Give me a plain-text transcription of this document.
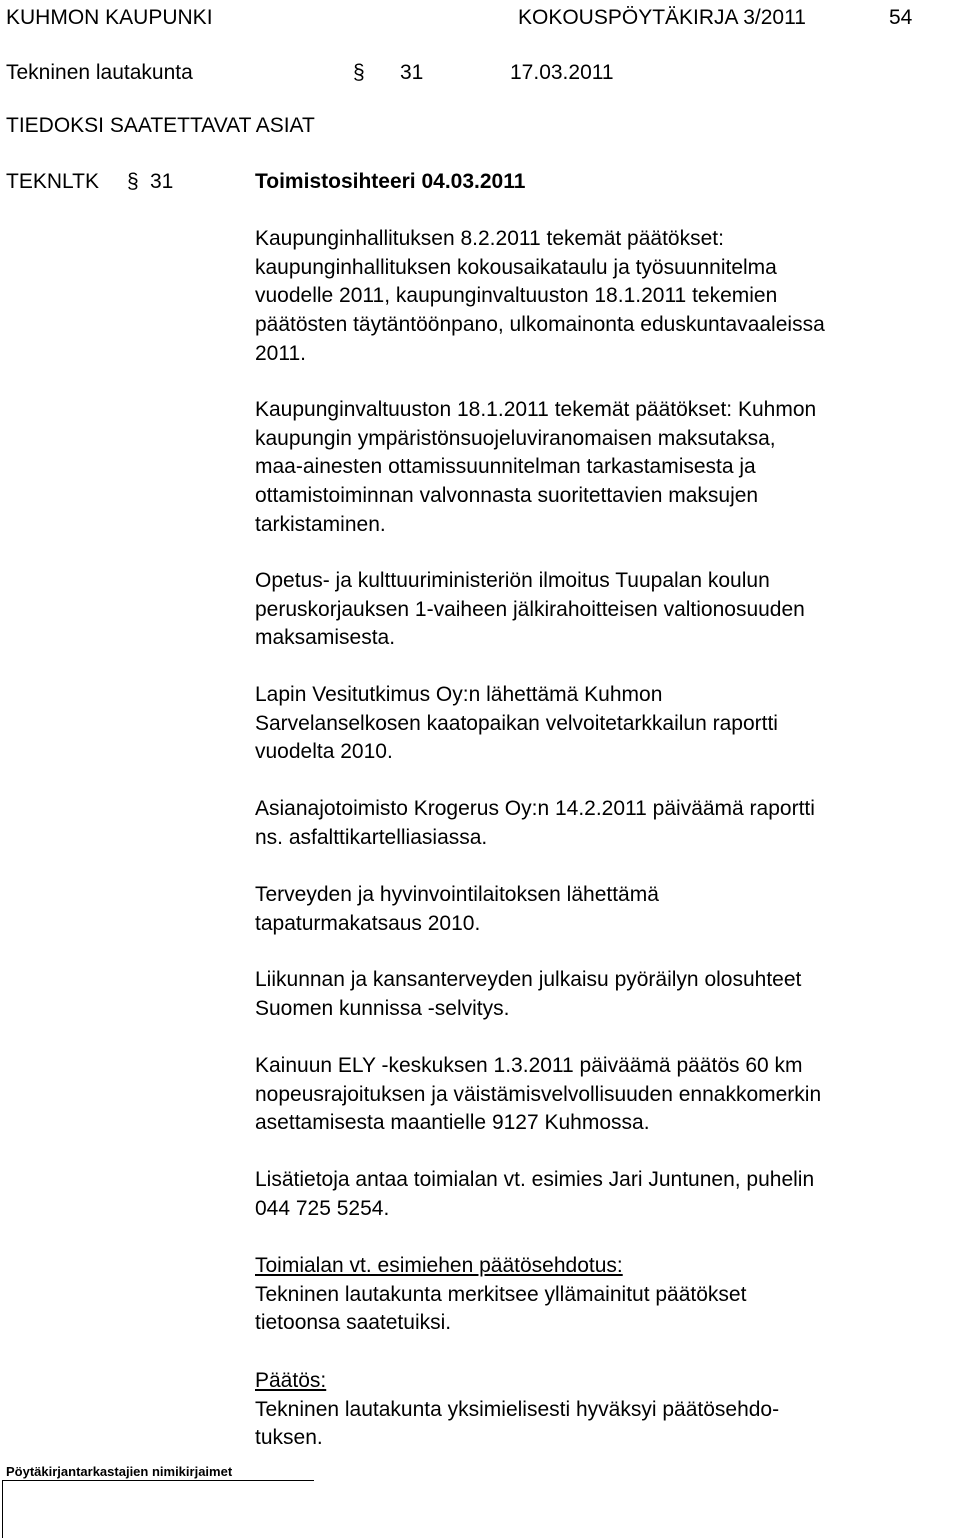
KUHMON KAUPUNKI	KOKOUSPÖYTÄKIRJA 3/2011	54
Tekninen lautakunta	§ 31	17.03.2011
TIEDOKSI SAATETTAVAT ASIAT
TEKNLTK § 31	Toimistosihteeri 04.03.2011
Kaupunginhallituksen 8.2.2011 tekemät päätökset:
kaupunginhallituksen kokousaikataulu ja työsuunnitelma
vuodelle 2011, kaupunginvaltuuston 18.1.2011 tekemien
päätösten täytäntöönpano, ulkomainonta eduskuntavaaleissa
2011.
Kaupunginvaltuuston 18.1.2011 tekemät päätökset: Kuhmon
kaupungin ympäristönsuojeluviranomaisen maksutaksa,
maa-ainesten ottamissuunnitelman tarkastamisesta ja
ottamistoiminnan valvonnasta suoritettavien maksujen
tarkistaminen.
Opetus- ja kulttuuriministeriön ilmoitus Tuupalan koulun
peruskorjauksen 1-vaiheen jälkirahoitteisen valtionosuuden
maksamisesta.
Lapin Vesitutkimus Oy:n lähettämä Kuhmon
Sarvelanselkosen kaatopaikan velvoitetarkkailun raportti
vuodelta 2010.
Asianajotoimisto Krogerus Oy:n 14.2.2011 päiväämä raportti
ns. asfalttikartelliasiassa.
Terveyden ja hyvinvointilaitoksen lähettämä
tapaturmakatsaus 2010.
Liikunnan ja kansanterveyden julkaisu pyöräilyn olosuhteet
Suomen kunnissa -selvitys.
Kainuun ELY -keskuksen 1.3.2011 päiväämä päätös 60 km
nopeusrajoituksen ja väistämisvelvollisuuden ennakkomerkin
asettamisesta maantielle 9127 Kuhmossa.
Lisätietoja antaa toimialan vt. esimies Jari Juntunen, puhelin
044 725 5254.
Toimialan vt. esimiehen päätösehdotus:
Tekninen lautakunta merkitsee yllämainitut päätökset
tietoonsa saatetuiksi.
Päätös:
Tekninen lautakunta yksimielisesti hyväksyi päätösehdo-
tuksen.
Pöytäkirjantarkastajien nimikirjaimet
